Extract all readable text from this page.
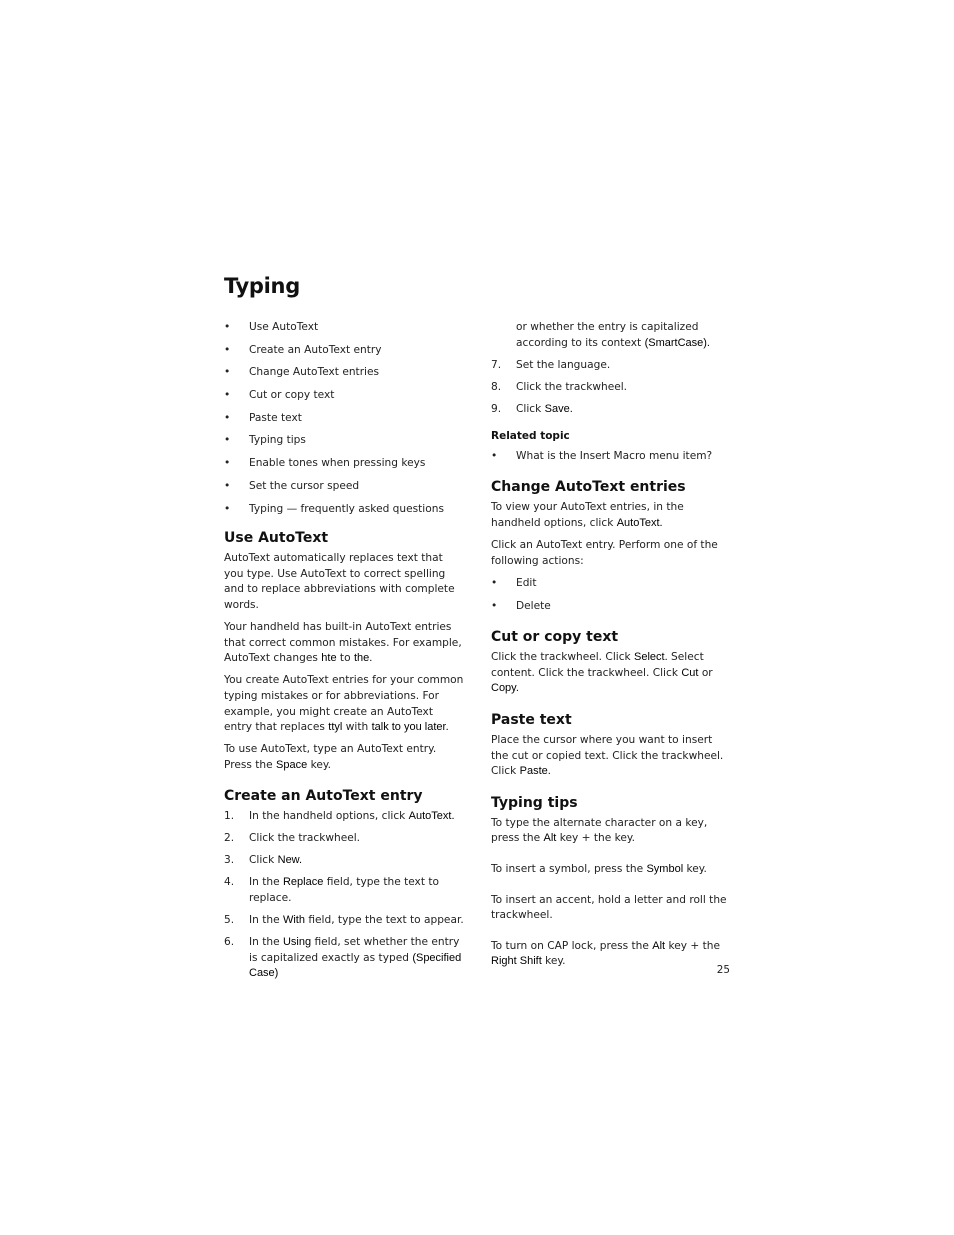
Typing
• Use AutoText
• Create an AutoText entry
• Change AutoText entries
• Cut or copy text
• Paste text
• Typing tips
• Enable tones when pressing keys
• Set the cursor speed
• Typing — frequently asked questions
Use AutoText

AutoText automatically replaces text that you type. Use AutoText to correct spelling and to replace abbreviations with complete words.

Your handheld has built-in AutoText entries that correct common mistakes. For example, AutoText changes hte to the.

You create AutoText entries for your common typing mistakes or for abbreviations. For example, you might create an AutoText entry that replaces ttyl with talk to you later.

To use AutoText, type an AutoText entry. Press the Space key.

Create an AutoText entry
1. In the handheld options, click AutoText.
2. Click the trackwheel.
3. Click New.
4. In the Replace field, type the text to replace.
5. In the With field, type the text to appear.
6. In the Using field, set whether the entry is capitalized exactly as typed (Specified Case)
or whether the entry is capitalized according to its context (SmartCase).
7. Set the language.
8. Click the trackwheel.
9. Click Save.

Related topic

• What is the Insert Macro menu item?
Change AutoText entries

To view your AutoText entries, in the handheld options, click AutoText.

Click an AutoText entry. Perform one of the following actions:

• Edit
• Delete
Cut or copy text

Click the trackwheel. Click Select. Select content. Click the trackwheel. Click Cut or Copy.

Paste text

Place the cursor where you want to insert the cut or copied text. Click the trackwheel. Click Paste.

Typing tips

To type the alternate character on a key, press the Alt key + the key.

To insert a symbol, press the Symbol key.

To insert an accent, hold a letter and roll the trackwheel.

To turn on CAP lock, press the Alt key + the Right Shift key.

25
